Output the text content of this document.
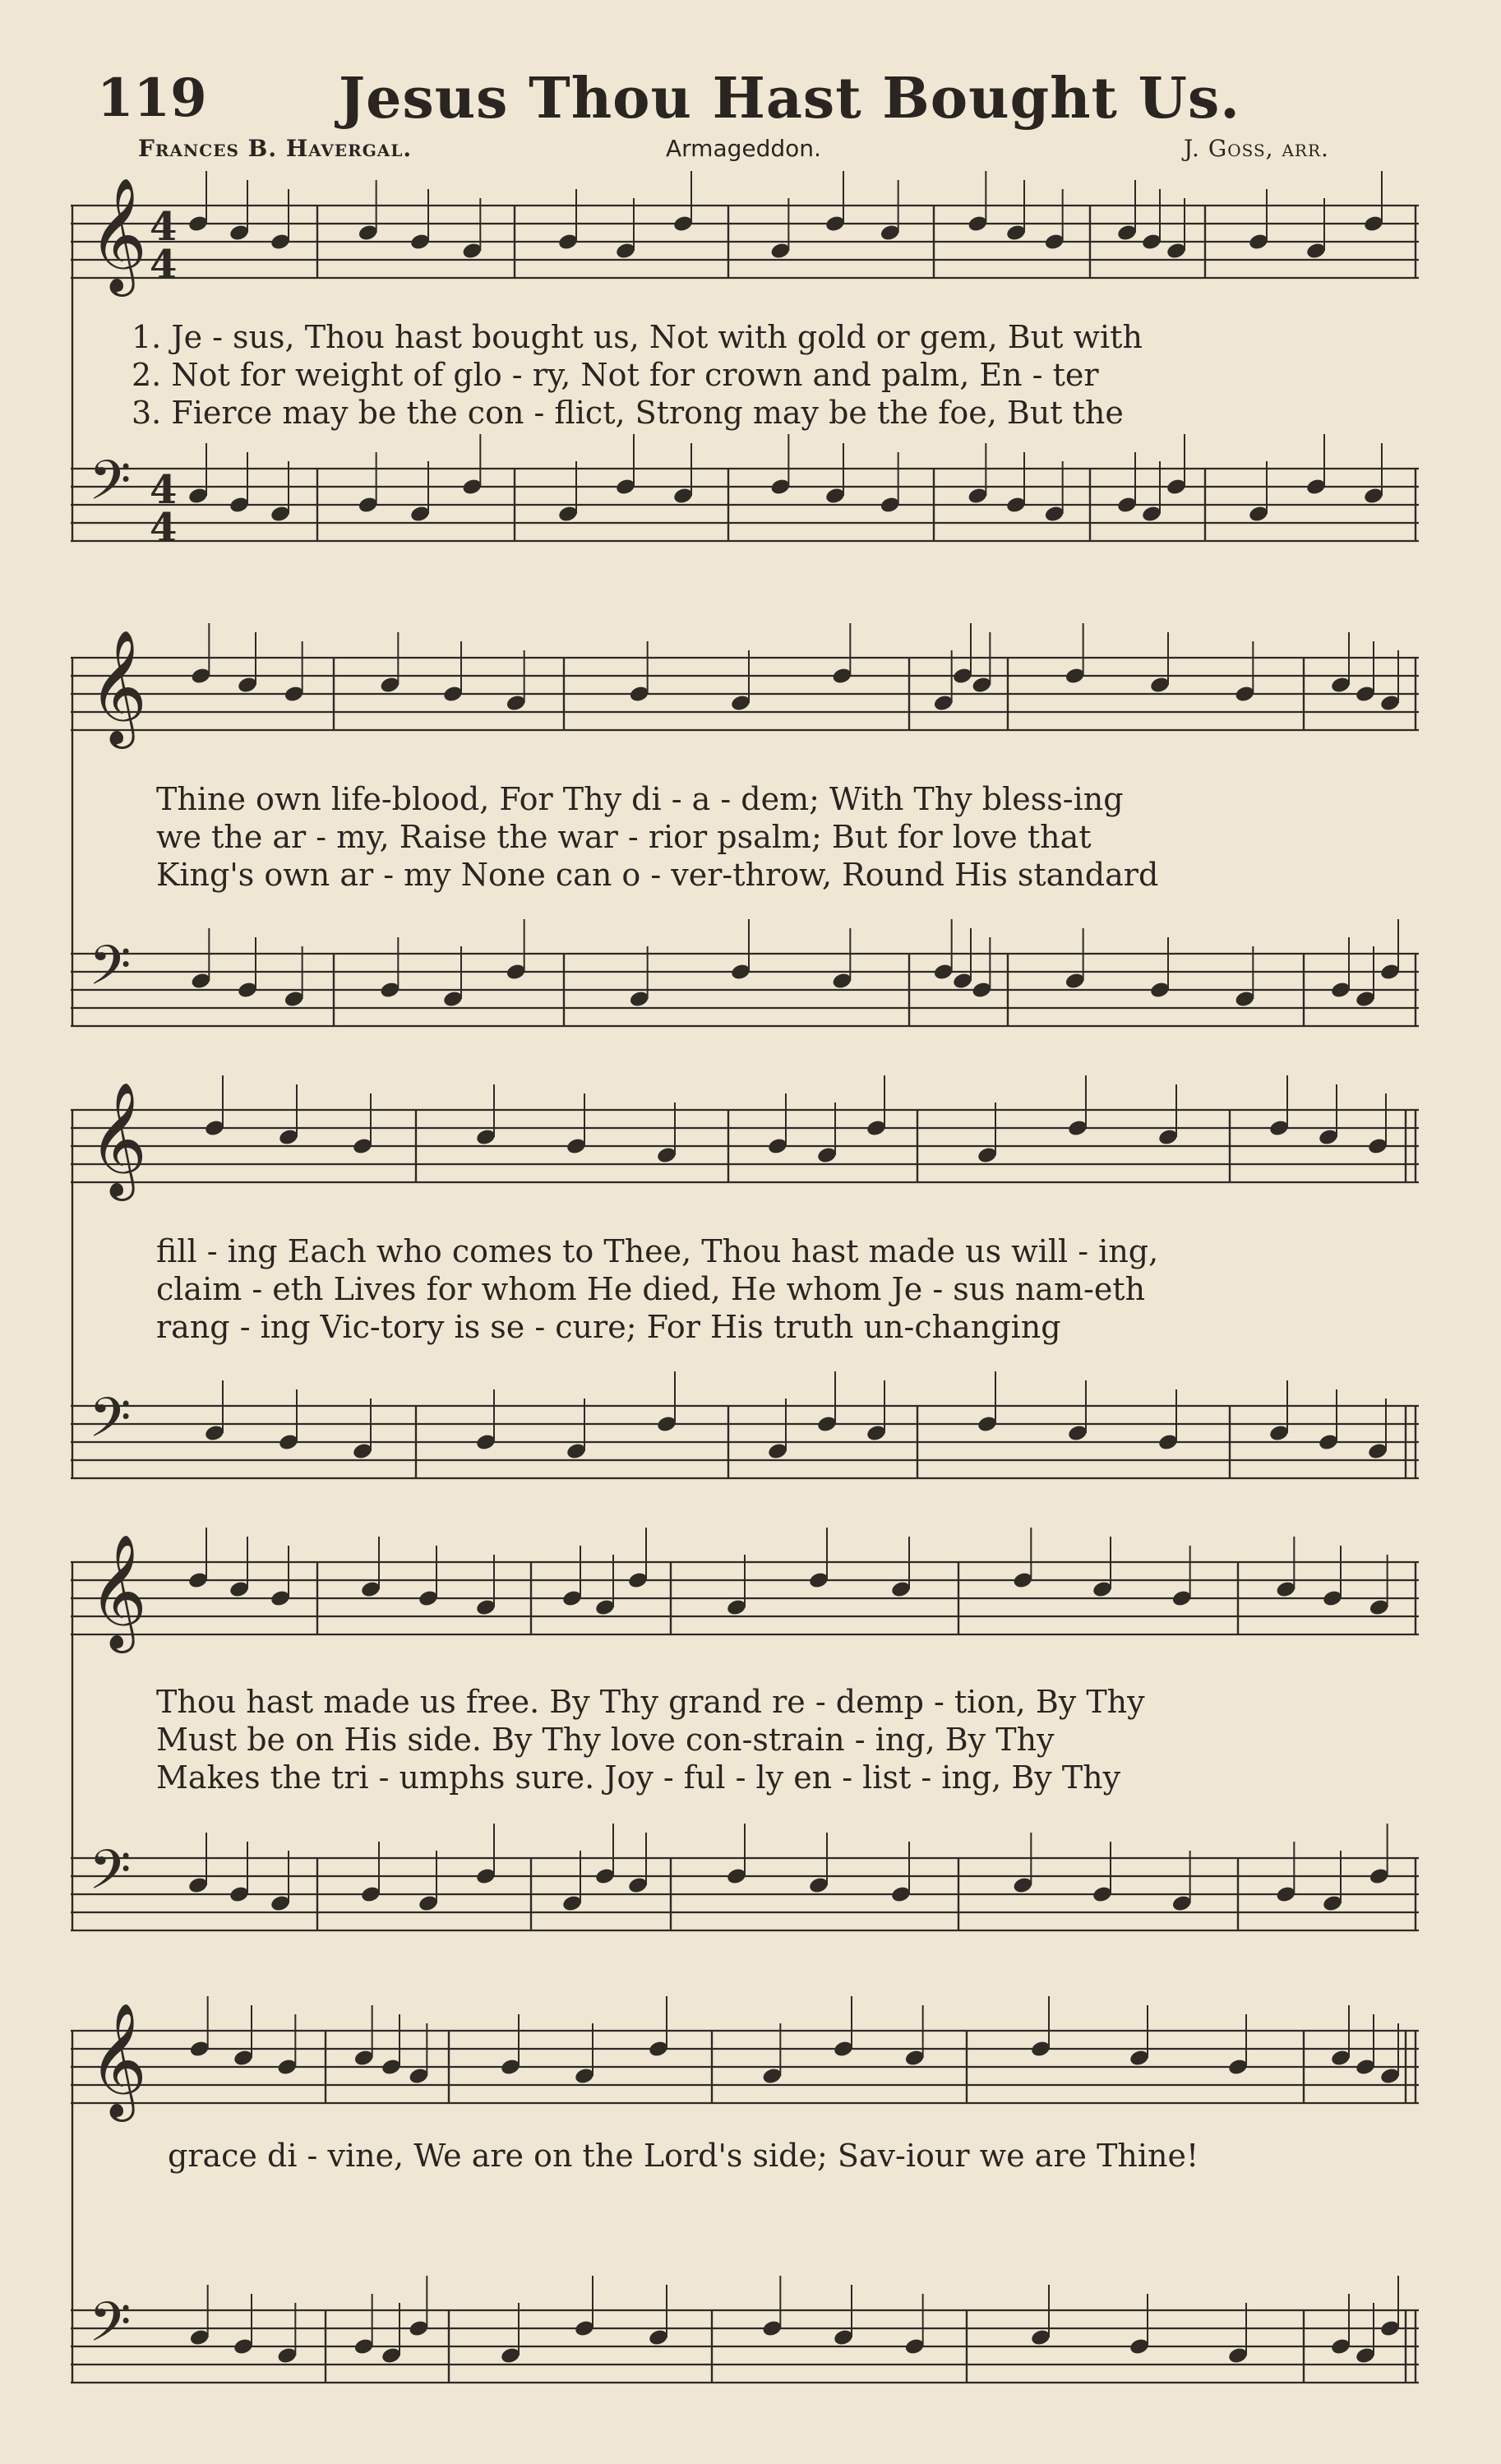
119 Jesus Thou Hast Bought Us.
Frances B. Havergal.	Armageddon.	J. Goss, arr.
𝄞
𝄢
4
4
4
4
1. Je - sus, Thou hast bought us, Not with gold or gem, But with
2. Not for weight of glo - ry, Not for crown and palm, En - ter
3. Fierce may be the con - flict, Strong may be the foe, But the
𝄞
𝄢
Thine own life-blood, For Thy di - a - dem; With Thy bless-ing
we the ar - my, Raise the war - rior psalm; But for love that
King's own ar - my None can o - ver-throw, Round His standard
𝄞
𝄢
fill - ing Each who comes to Thee, Thou hast made us will - ing,
claim - eth Lives for whom He died, He whom Je - sus nam-eth
rang - ing Vic-tory is se - cure; For His truth un-changing
𝄞
𝄢
Thou hast made us free. By Thy grand re - demp - tion, By Thy
Must be on His side. By Thy love con-strain - ing, By Thy
Makes the tri - umphs sure. Joy - ful - ly en - list - ing, By Thy
𝄞
𝄢
grace di - vine, We are on the Lord's side; Sav-iour we are Thine!
